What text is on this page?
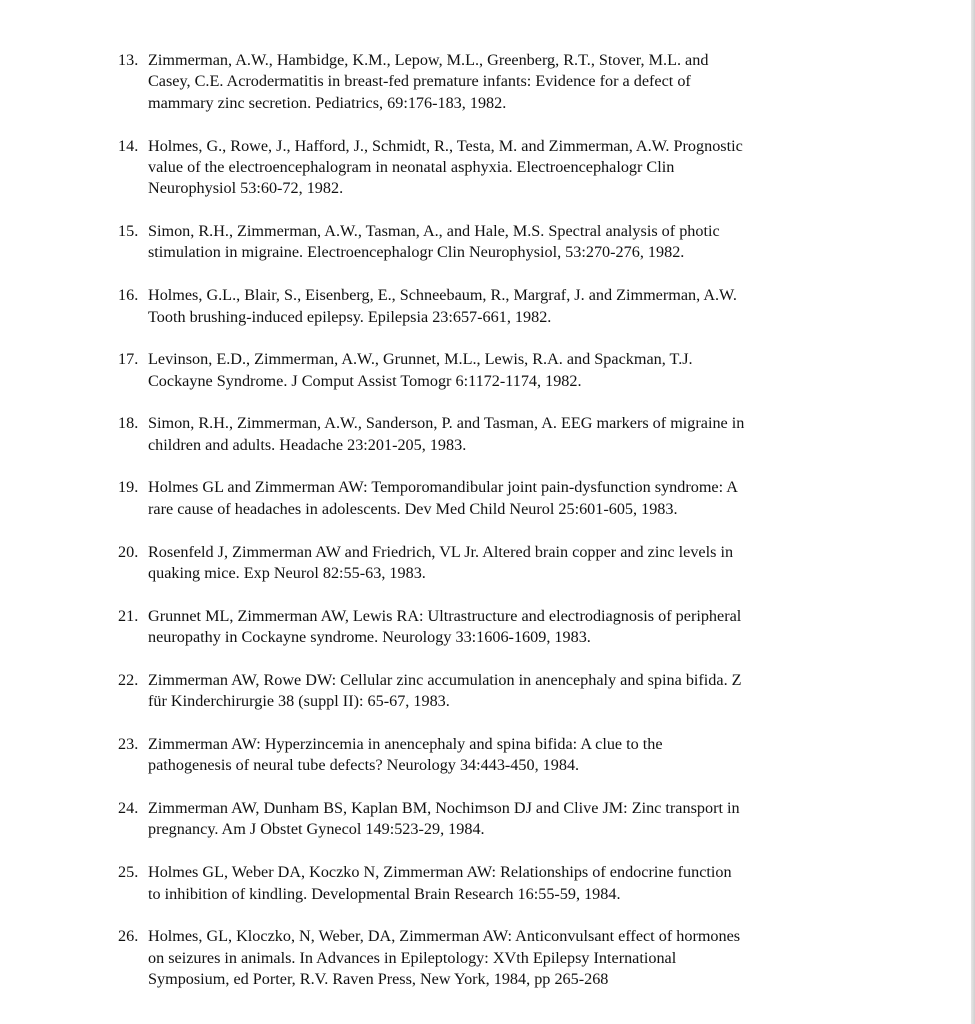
13. Zimmerman, A.W., Hambidge, K.M., Lepow, M.L., Greenberg, R.T., Stover, M.L. and
Casey, C.E. Acrodermatitis in breast-fed premature infants: Evidence for a defect of
mammary zinc secretion. Pediatrics, 69:176-183, 1982.
14. Holmes, G., Rowe, J., Hafford, J., Schmidt, R., Testa, M. and Zimmerman, A.W. Prognostic
value of the electroencephalogram in neonatal asphyxia. Electroencephalogr Clin
Neurophysiol 53:60-72, 1982.
15. Simon, R.H., Zimmerman, A.W., Tasman, A., and Hale, M.S. Spectral analysis of photic
stimulation in migraine. Electroencephalogr Clin Neurophysiol, 53:270-276, 1982.
16. Holmes, G.L., Blair, S., Eisenberg, E., Schneebaum, R., Margraf, J. and Zimmerman, A.W.
Tooth brushing-induced epilepsy. Epilepsia 23:657-661, 1982.
17. Levinson, E.D., Zimmerman, A.W., Grunnet, M.L., Lewis, R.A. and Spackman, T.J.
Cockayne Syndrome. J Comput Assist Tomogr 6:1172-1174, 1982.
18. Simon, R.H., Zimmerman, A.W., Sanderson, P. and Tasman, A. EEG markers of migraine in
children and adults. Headache 23:201-205, 1983.
19. Holmes GL and Zimmerman AW: Temporomandibular joint pain-dysfunction syndrome: A
rare cause of headaches in adolescents. Dev Med Child Neurol 25:601-605, 1983.
20. Rosenfeld J, Zimmerman AW and Friedrich, VL Jr. Altered brain copper and zinc levels in
quaking mice. Exp Neurol 82:55-63, 1983.
21. Grunnet ML, Zimmerman AW, Lewis RA: Ultrastructure and electrodiagnosis of peripheral
neuropathy in Cockayne syndrome. Neurology 33:1606-1609, 1983.
22. Zimmerman AW, Rowe DW: Cellular zinc accumulation in anencephaly and spina bifida. Z
für Kinderchirurgie 38 (suppl II): 65-67, 1983.
23. Zimmerman AW: Hyperzincemia in anencephaly and spina bifida: A clue to the
pathogenesis of neural tube defects? Neurology 34:443-450, 1984.
24. Zimmerman AW, Dunham BS, Kaplan BM, Nochimson DJ and Clive JM: Zinc transport in
pregnancy. Am J Obstet Gynecol 149:523-29, 1984.
25. Holmes GL, Weber DA, Koczko N, Zimmerman AW: Relationships of endocrine function
to inhibition of kindling. Developmental Brain Research 16:55-59, 1984.
26. Holmes, GL, Kloczko, N, Weber, DA, Zimmerman AW: Anticonvulsant effect of hormones
on seizures in animals. In Advances in Epileptology: XVth Epilepsy International
Symposium, ed Porter, R.V. Raven Press, New York, 1984, pp 265-268
